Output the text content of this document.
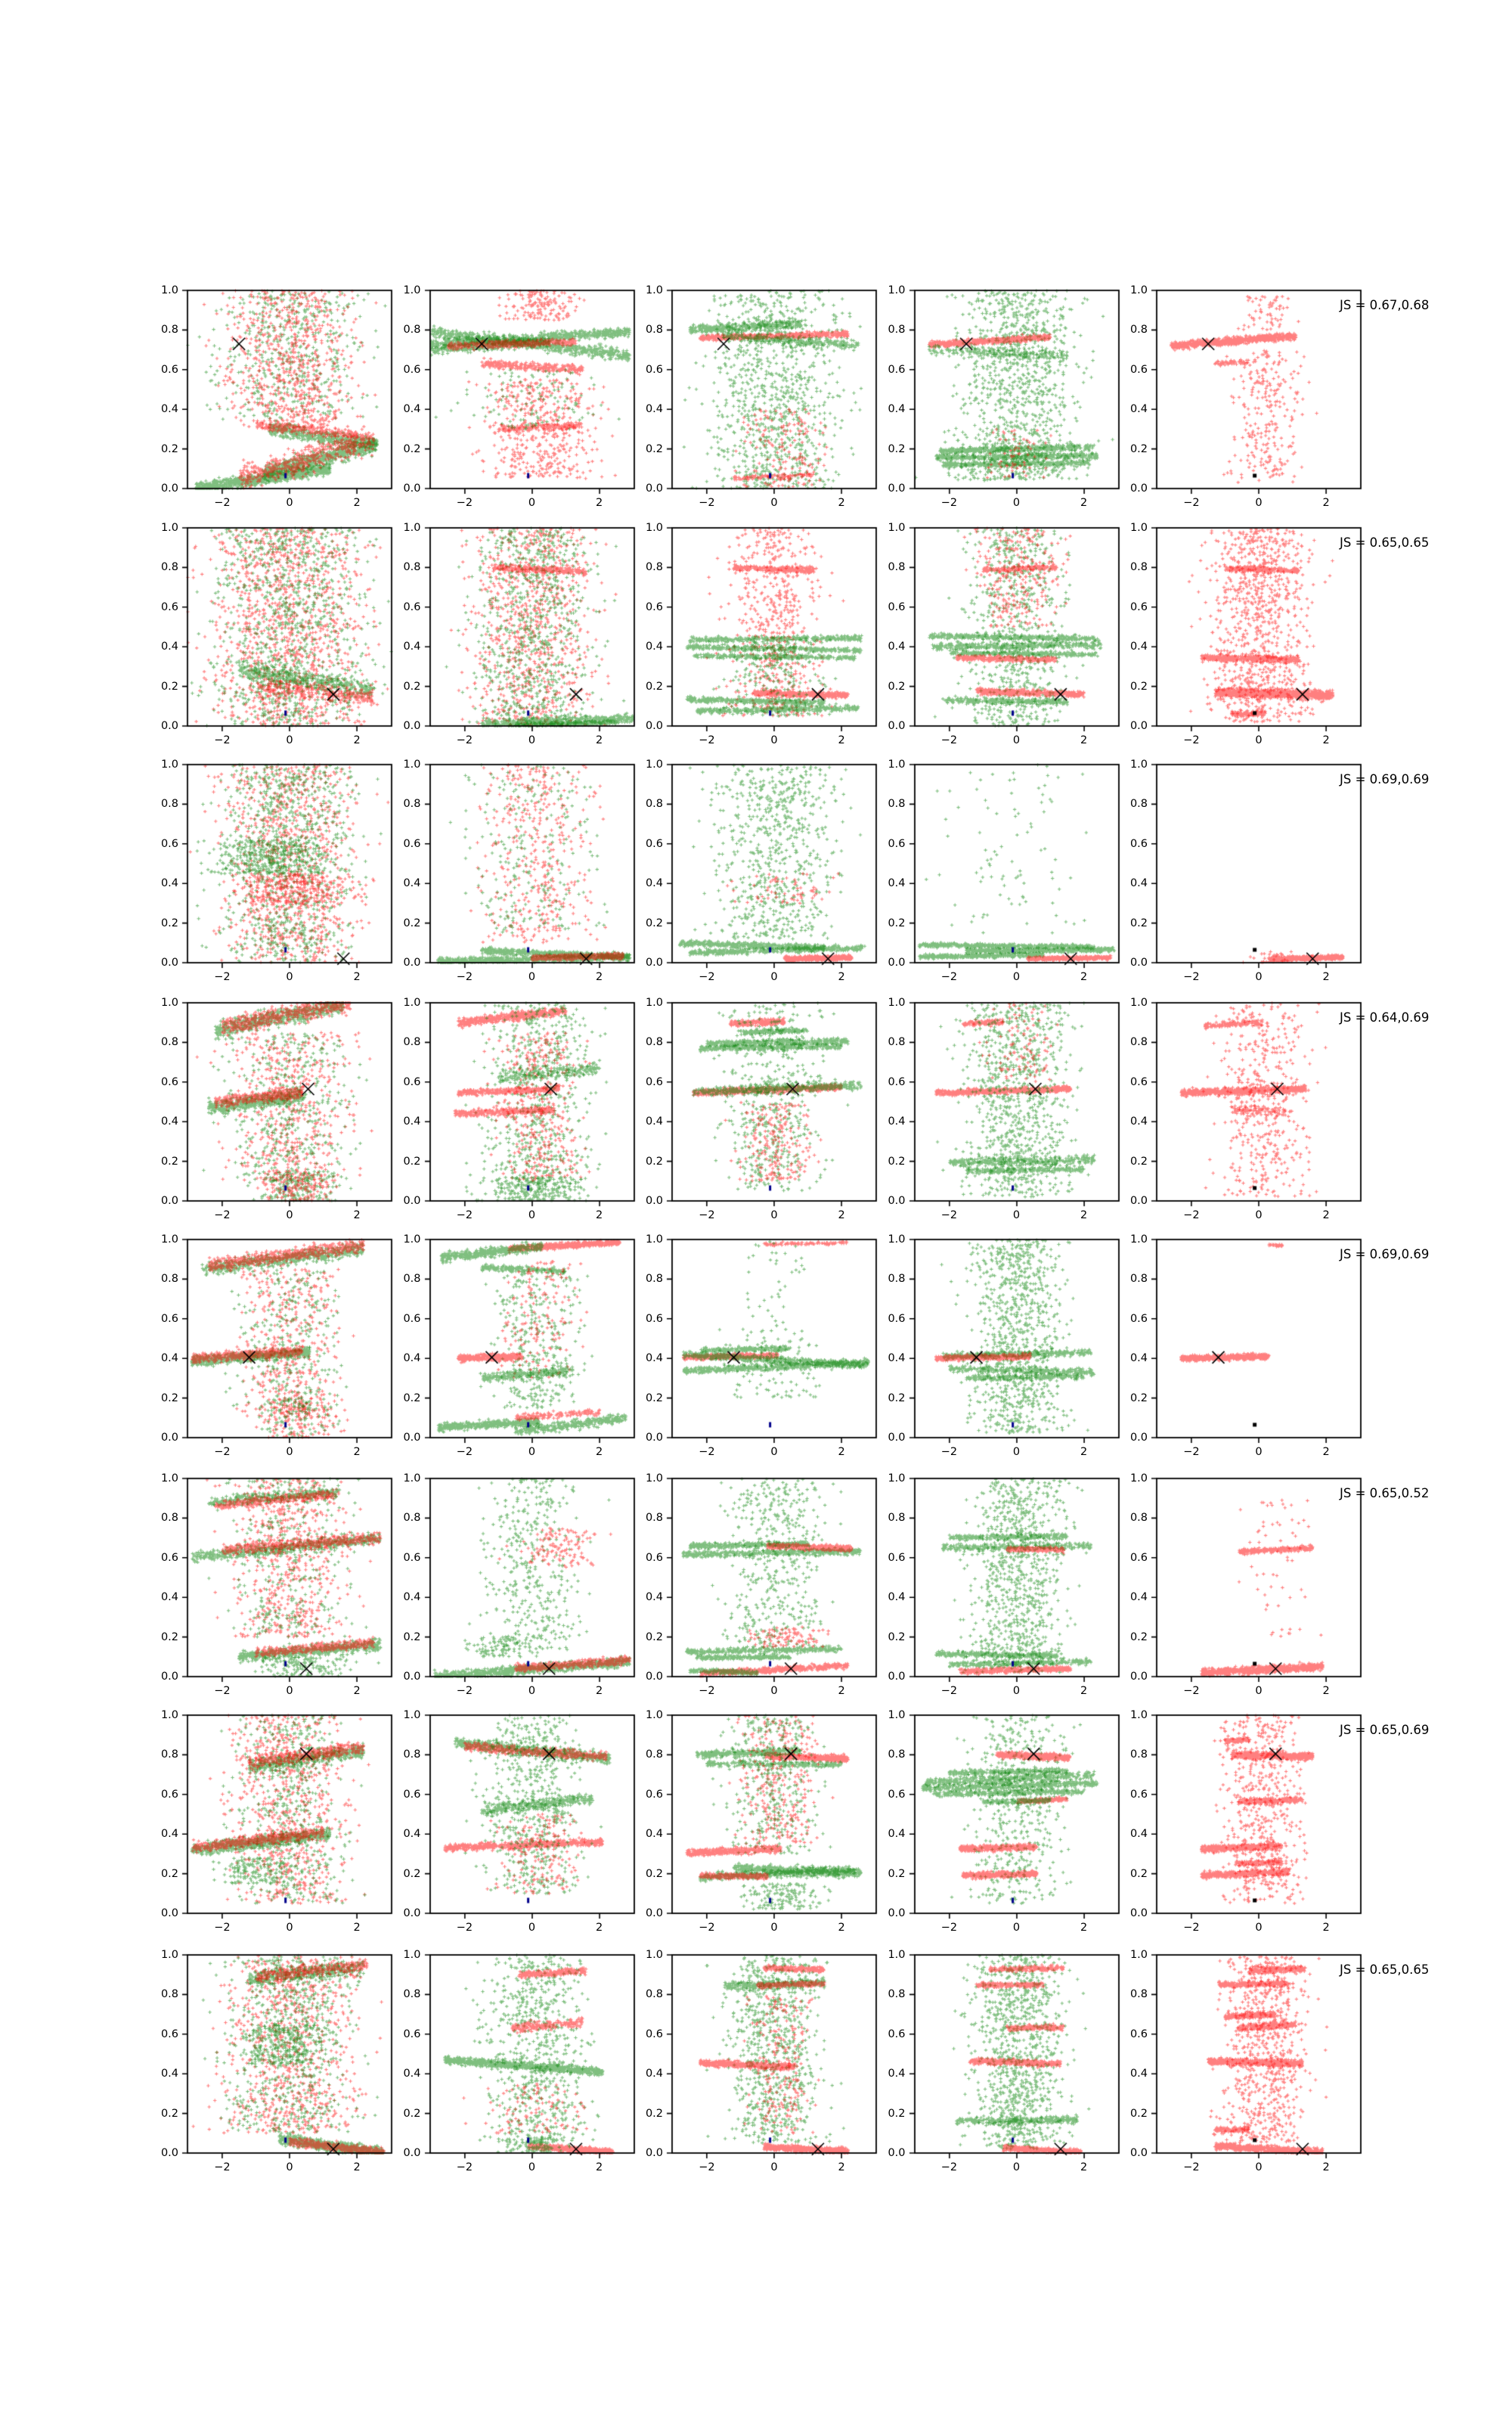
0.0
0.2
0.4
0.6
0.8
1.0
−2	0	2
0.0
0.2
0.4
0.6
0.8
1.0
−2	0	2
0.0
0.2
0.4
0.6
0.8
1.0
−2	0	2
0.0
0.2
0.4
0.6
0.8
1.0
−2	0	2
0.0
0.2
0.4
0.6
0.8
1.0
−2	0	2
JS = 0.67,0.68
0.0
0.2
0.4
0.6
0.8
1.0
−2	0	2
0.0
0.2
0.4
0.6
0.8
1.0
−2	0	2
0.0
0.2
0.4
0.6
0.8
1.0
−2	0	2
0.0
0.2
0.4
0.6
0.8
1.0
−2	0	2
0.0
0.2
0.4
0.6
0.8
1.0
−2	0	2
JS = 0.65,0.65
0.0
0.2
0.4
0.6
0.8
1.0
−2	0	2
0.0
0.2
0.4
0.6
0.8
1.0
−2	0	2
0.0
0.2
0.4
0.6
0.8
1.0
−2	0	2
0.0
0.2
0.4
0.6
0.8
1.0
−2	0	2
0.0
0.2
0.4
0.6
0.8
1.0
−2	0	2
JS = 0.69,0.69
0.0
0.2
0.4
0.6
0.8
1.0
−2	0	2
0.0
0.2
0.4
0.6
0.8
1.0
−2	0	2
0.0
0.2
0.4
0.6
0.8
1.0
−2	0	2
0.0
0.2
0.4
0.6
0.8
1.0
−2	0	2
0.0
0.2
0.4
0.6
0.8
1.0
−2	0	2
JS = 0.64,0.69
0.0
0.2
0.4
0.6
0.8
1.0
−2	0	2
0.0
0.2
0.4
0.6
0.8
1.0
−2	0	2
0.0
0.2
0.4
0.6
0.8
1.0
−2	0	2
0.0
0.2
0.4
0.6
0.8
1.0
−2	0	2
0.0
0.2
0.4
0.6
0.8
1.0
−2	0	2
JS = 0.69,0.69
0.0
0.2
0.4
0.6
0.8
1.0
−2	0	2
0.0
0.2
0.4
0.6
0.8
1.0
−2	0	2
0.0
0.2
0.4
0.6
0.8
1.0
−2	0	2
0.0
0.2
0.4
0.6
0.8
1.0
−2	0	2
0.0
0.2
0.4
0.6
0.8
1.0
−2	0	2
JS = 0.65,0.52
0.0
0.2
0.4
0.6
0.8
1.0
−2	0	2
0.0
0.2
0.4
0.6
0.8
1.0
−2	0	2
0.0
0.2
0.4
0.6
0.8
1.0
−2	0	2
0.0
0.2
0.4
0.6
0.8
1.0
−2	0	2
0.0
0.2
0.4
0.6
0.8
1.0
−2	0	2
JS = 0.65,0.69
0.0
0.2
0.4
0.6
0.8
1.0
−2	0	2
0.0
0.2
0.4
0.6
0.8
1.0
−2	0	2
0.0
0.2
0.4
0.6
0.8
1.0
−2	0	2
0.0
0.2
0.4
0.6
0.8
1.0
−2	0	2
0.0
0.2
0.4
0.6
0.8
1.0
−2	0	2
JS = 0.65,0.65
